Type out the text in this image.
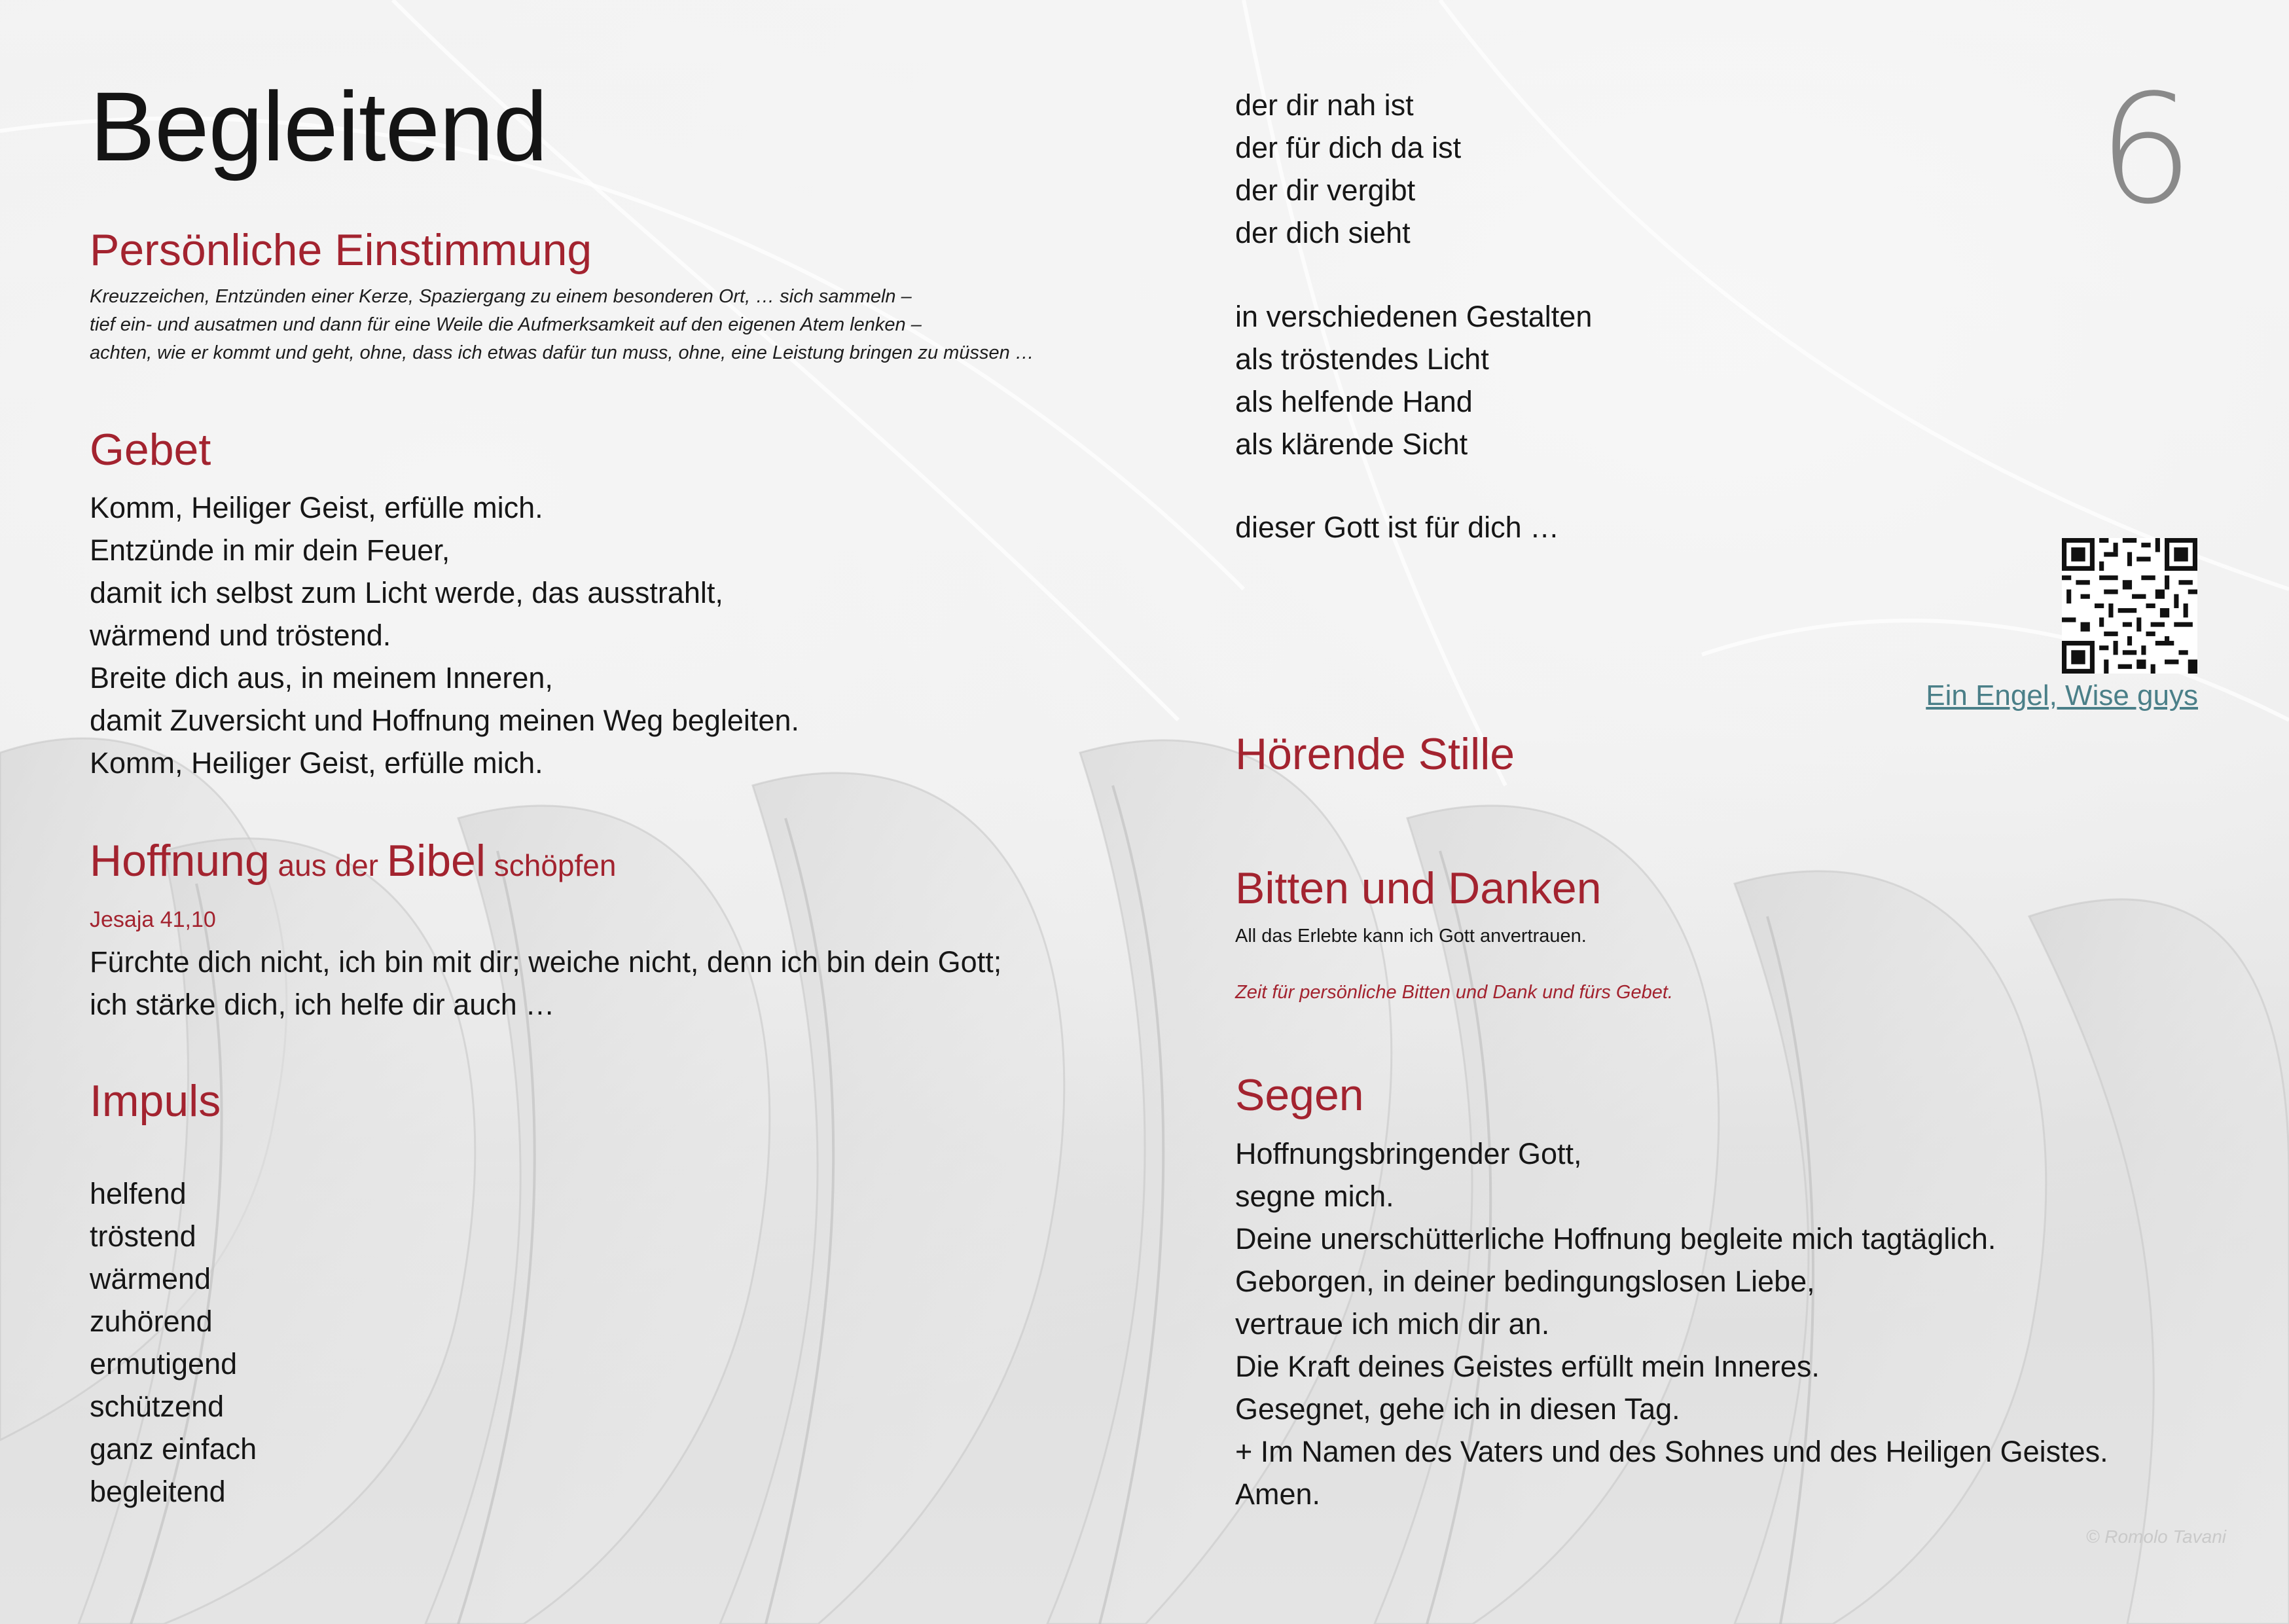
Begleitend
Persönliche Einstimmung
Kreuzzeichen, Entzünden einer Kerze, Spaziergang zu einem besonderen Ort, … sich sammeln –
tief ein- und ausatmen und dann für eine Weile die Aufmerksamkeit auf den eigenen Atem lenken –
achten, wie er kommt und geht, ohne, dass ich etwas dafür tun muss, ohne, eine Leistung bringen zu müssen …
Gebet
Komm, Heiliger Geist, erfülle mich.
Entzünde in mir dein Feuer,
damit ich selbst zum Licht werde, das ausstrahlt,
wärmend und tröstend.
Breite dich aus, in meinem Inneren,
damit Zuversicht und Hoffnung meinen Weg begleiten.
Komm, Heiliger Geist, erfülle mich.
Hoffnung aus der Bibel schöpfen
Jesaja 41,10
Fürchte dich nicht, ich bin mit dir; weiche nicht, denn ich bin dein Gott;
ich stärke dich, ich helfe dir auch …
Impuls
helfend
tröstend
wärmend
zuhörend
ermutigend
schützend
ganz einfach
begleitend
der dir nah ist
der für dich da ist
der dir vergibt
der dich sieht
in verschiedenen Gestalten
als tröstendes Licht
als helfende Hand
als klärende Sicht
dieser Gott ist für dich …
6
Ein Engel, Wise guys
Hörende Stille
Bitten und Danken
All das Erlebte kann ich Gott anvertrauen.
Zeit für persönliche Bitten und Dank und fürs Gebet.
Segen
Hoffnungsbringender Gott,
segne mich.
Deine unerschütterliche Hoffnung begleite mich tagtäglich.
Geborgen, in deiner bedingungslosen Liebe,
vertraue ich mich dir an.
Die Kraft deines Geistes erfüllt mein Inneres.
Gesegnet, gehe ich in diesen Tag.
+ Im Namen des Vaters und des Sohnes und des Heiligen Geistes.
Amen.
© Romolo Tavani
